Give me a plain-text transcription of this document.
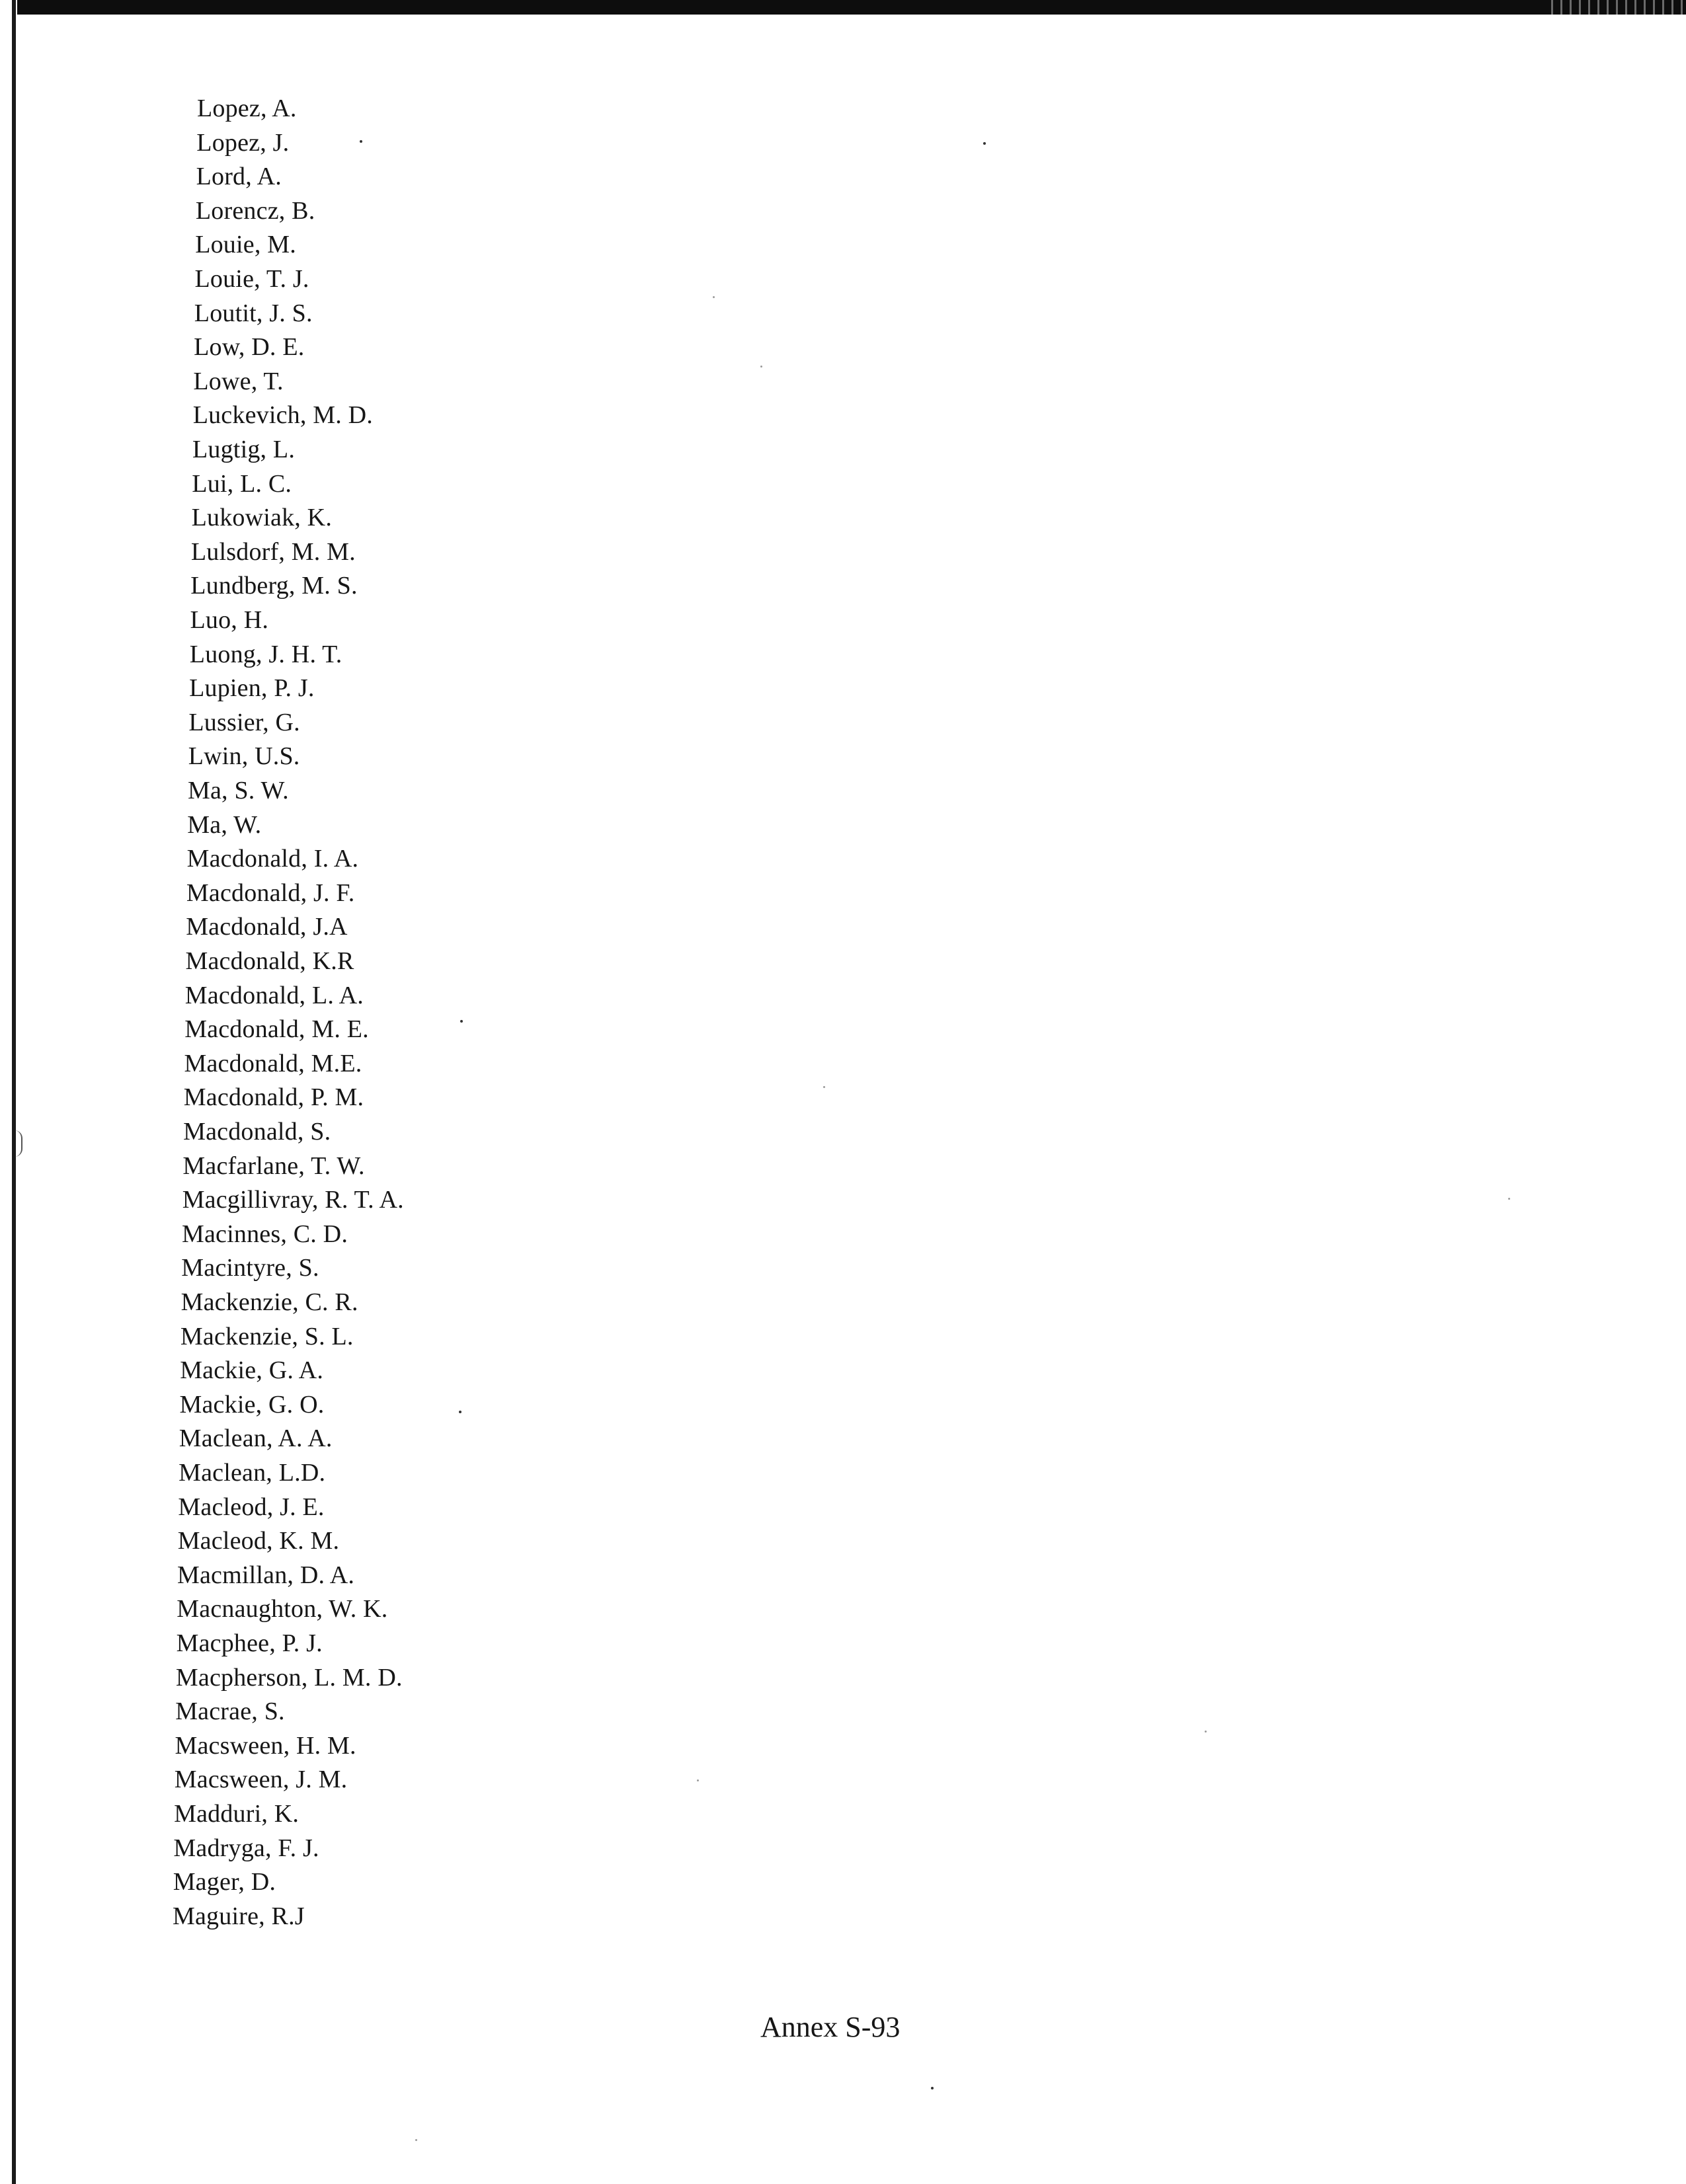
Lopez, A.
Lopez, J.
Lord, A.
Lorencz, B.
Louie, M.
Louie, T. J.
Loutit, J. S.
Low, D. E.
Lowe, T.
Luckevich, M. D.
Lugtig, L.
Lui, L. C.
Lukowiak, K.
Lulsdorf, M. M.
Lundberg, M. S.
Luo, H.
Luong, J. H. T.
Lupien, P. J.
Lussier, G.
Lwin, U.S.
Ma, S. W.
Ma, W.
Macdonald, I. A.
Macdonald, J. F.
Macdonald, J.A
Macdonald, K.R
Macdonald, L. A.
Macdonald, M. E.
Macdonald, M.E.
Macdonald, P. M.
Macdonald, S.
Macfarlane, T. W.
Macgillivray, R. T. A.
Macinnes, C. D.
Macintyre, S.
Mackenzie, C. R.
Mackenzie, S. L.
Mackie, G. A.
Mackie, G. O.
Maclean, A. A.
Maclean, L.D.
Macleod, J. E.
Macleod, K. M.
Macmillan, D. A.
Macnaughton, W. K.
Macphee, P. J.
Macpherson, L. M. D.
Macrae, S.
Macsween, H. M.
Macsween, J. M.
Madduri, K.
Madryga, F. J.
Mager, D.
Maguire, R.J
Annex S-93
